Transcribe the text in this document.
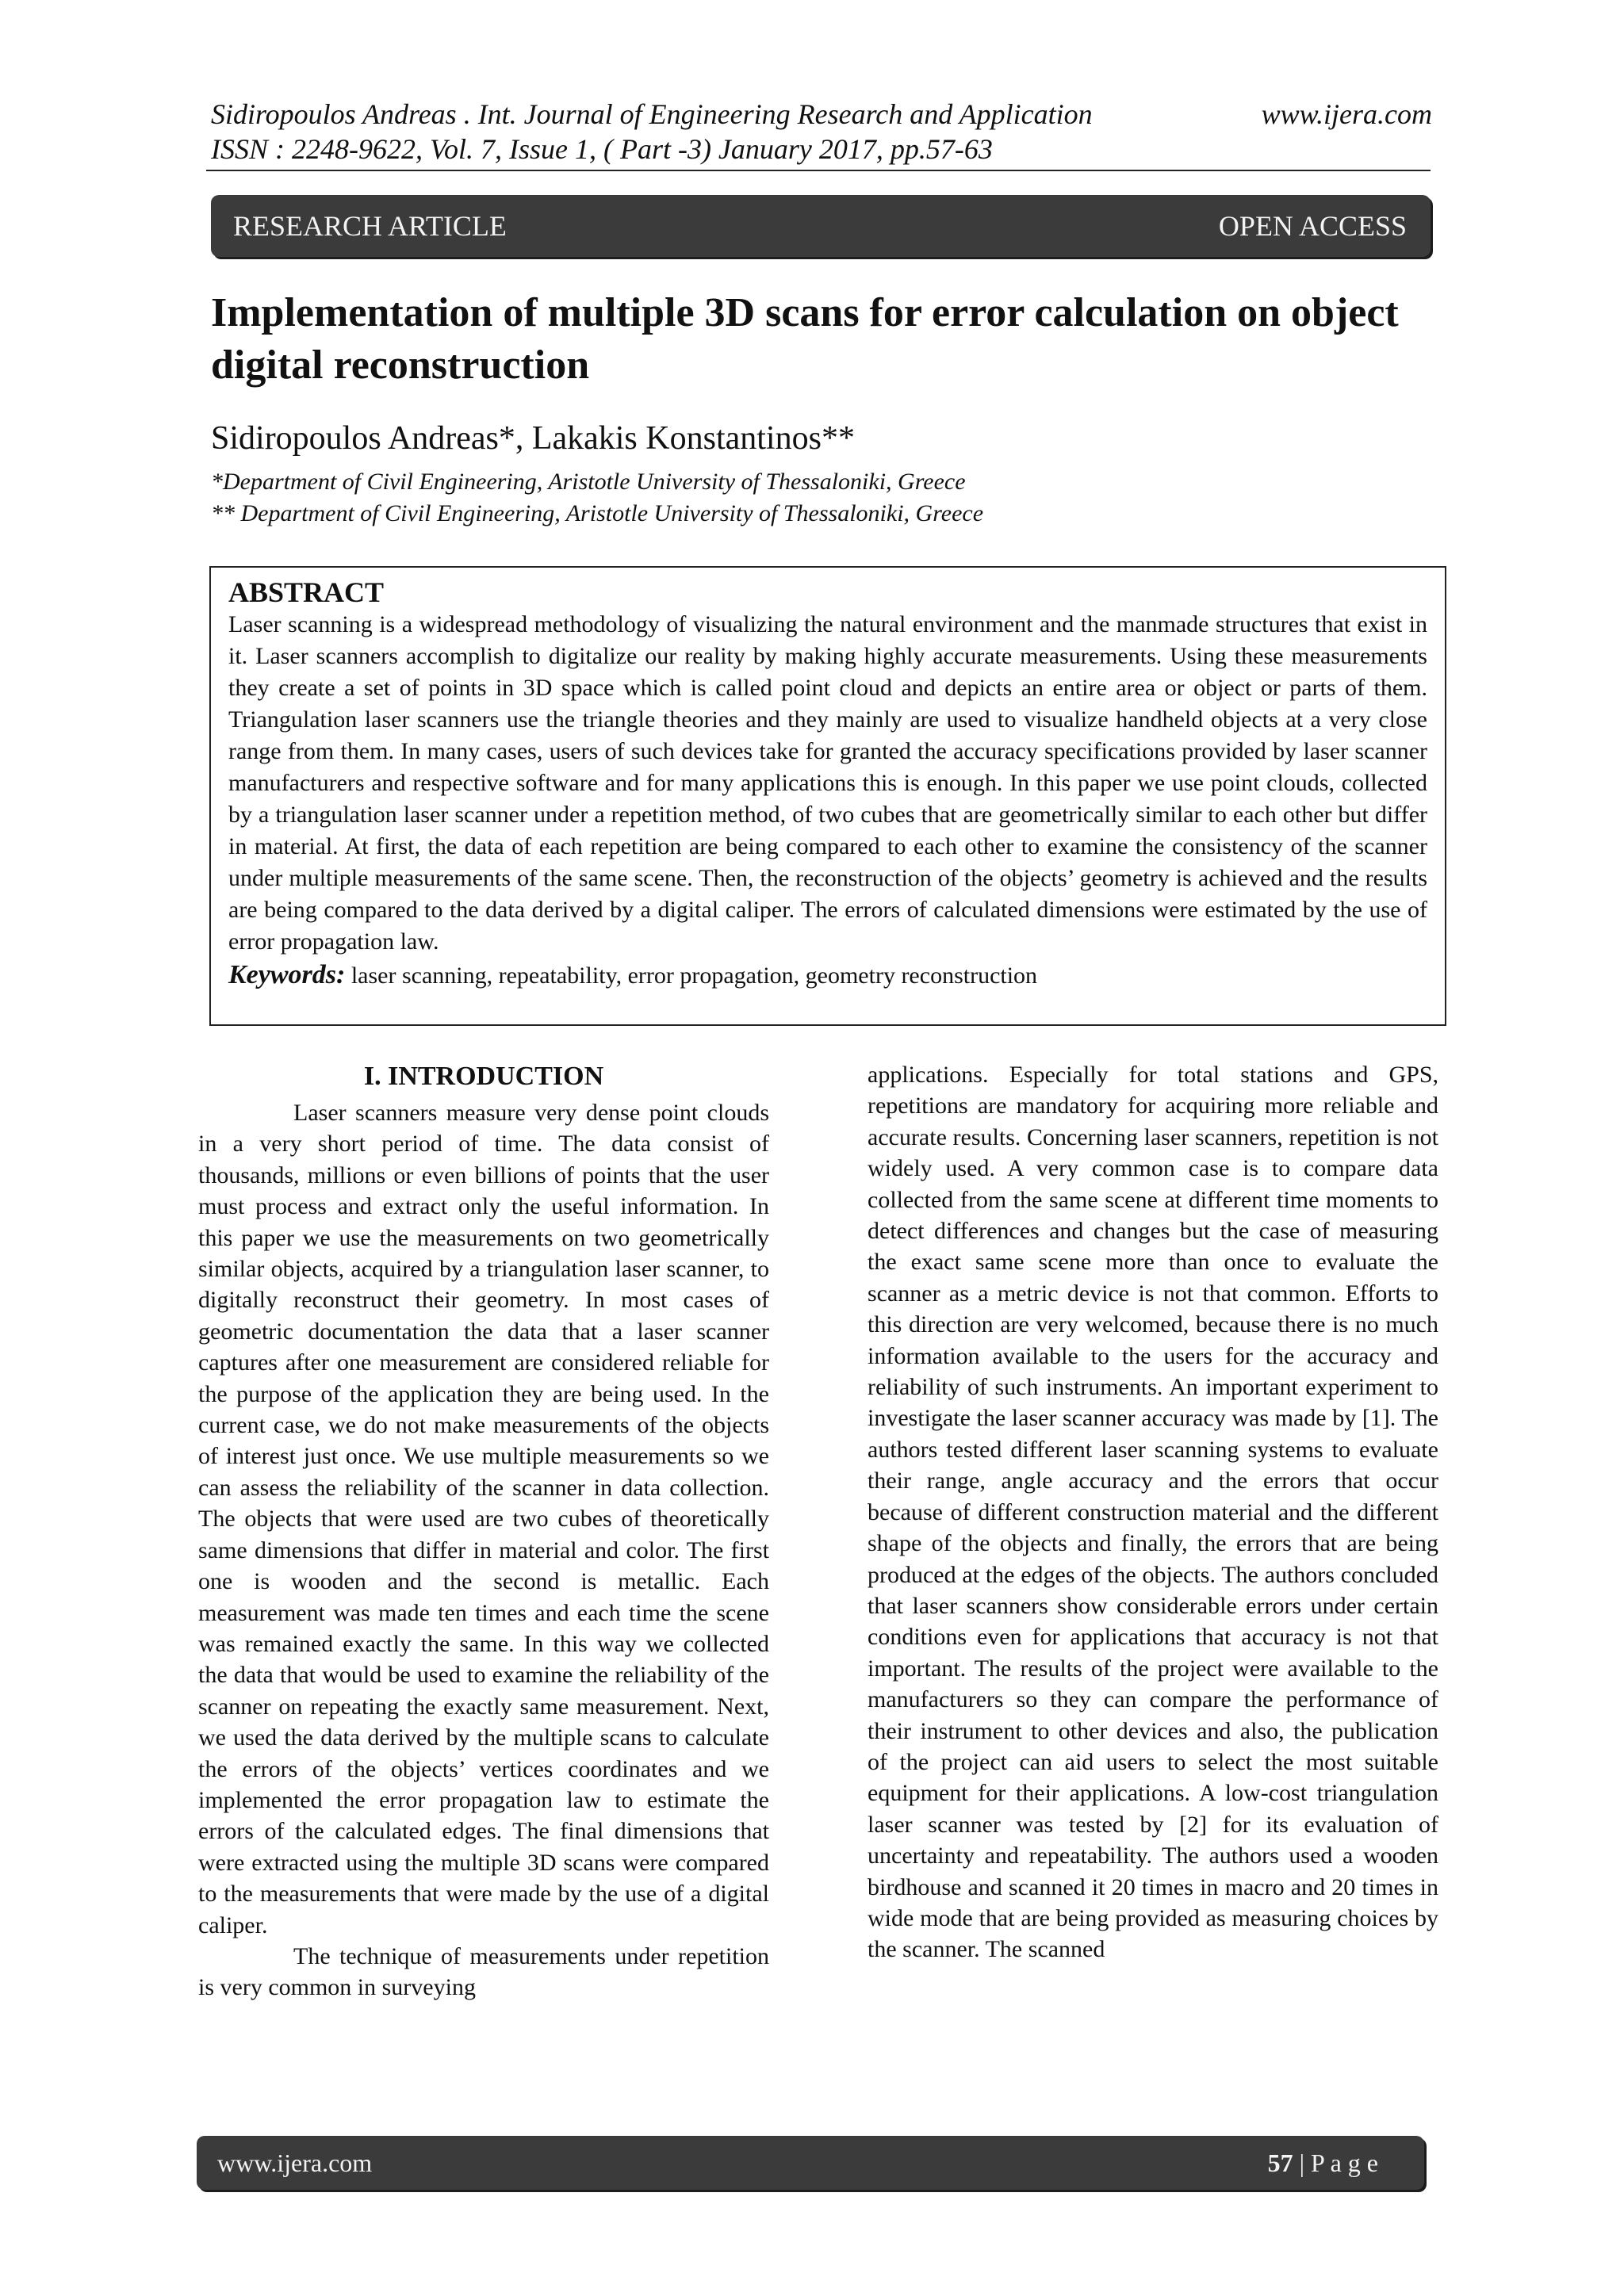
Sidiropoulos Andreas . Int. Journal of Engineering Research and Application	www.ijera.com
ISSN : 2248-9622, Vol. 7, Issue 1, ( Part -3) January 2017, pp.57-63
RESEARCH ARTICLE	OPEN ACCESS
Implementation of multiple 3D scans for error calculation on object digital reconstruction
Sidiropoulos Andreas*, Lakakis Konstantinos**
*Department of Civil Engineering, Aristotle University of Thessaloniki, Greece
** Department of Civil Engineering, Aristotle University of Thessaloniki, Greece
ABSTRACT

Laser scanning is a widespread methodology of visualizing the natural environment and the manmade structures that exist in it. Laser scanners accomplish to digitalize our reality by making highly accurate measurements. Using these measurements they create a set of points in 3D space which is called point cloud and depicts an entire area or object or parts of them. Triangulation laser scanners use the triangle theories and they mainly are used to visualize handheld objects at a very close range from them. In many cases, users of such devices take for granted the accuracy specifications provided by laser scanner manufacturers and respective software and for many applications this is enough. In this paper we use point clouds, collected by a triangulation laser scanner under a repetition method, of two cubes that are geometrically similar to each other but differ in material. At first, the data of each repetition are being compared to each other to examine the consistency of the scanner under multiple measurements of the same scene. Then, the reconstruction of the objects’ geometry is achieved and the results are being compared to the data derived by a digital caliper. The errors of calculated dimensions were estimated by the use of error propagation law.

Keywords: laser scanning, repeatability, error propagation, geometry reconstruction
I. INTRODUCTION

Laser scanners measure very dense point clouds in a very short period of time. The data consist of thousands, millions or even billions of points that the user must process and extract only the useful information. In this paper we use the measurements on two geometrically similar objects, acquired by a triangulation laser scanner, to digitally reconstruct their geometry. In most cases of geometric documentation the data that a laser scanner captures after one measurement are considered reliable for the purpose of the application they are being used. In the current case, we do not make measurements of the objects of interest just once. We use multiple measurements so we can assess the reliability of the scanner in data collection. The objects that were used are two cubes of theoretically same dimensions that differ in material and color. The first one is wooden and the second is metallic. Each measurement was made ten times and each time the scene was remained exactly the same. In this way we collected the data that would be used to examine the reliability of the scanner on repeating the exactly same measurement. Next, we used the data derived by the multiple scans to calculate the errors of the objects’ vertices coordinates and we implemented the error propagation law to estimate the errors of the calculated edges. The final dimensions that were extracted using the multiple 3D scans were compared to the measurements that were made by the use of a digital caliper.

The technique of measurements under repetition is very common in surveying

applications. Especially for total stations and GPS, repetitions are mandatory for acquiring more reliable and accurate results. Concerning laser scanners, repetition is not widely used. A very common case is to compare data collected from the same scene at different time moments to detect differences and changes but the case of measuring the exact same scene more than once to evaluate the scanner as a metric device is not that common. Efforts to this direction are very welcomed, because there is no much information available to the users for the accuracy and reliability of such instruments. An important experiment to investigate the laser scanner accuracy was made by [1]. The authors tested different laser scanning systems to evaluate their range, angle accuracy and the errors that occur because of different construction material and the different shape of the objects and finally, the errors that are being produced at the edges of the objects. The authors concluded that laser scanners show considerable errors under certain conditions even for applications that accuracy is not that important. The results of the project were available to the manufacturers so they can compare the performance of their instrument to other devices and also, the publication of the project can aid users to select the most suitable equipment for their applications. A low-cost triangulation laser scanner was tested by [2] for its evaluation of uncertainty and repeatability. The authors used a wooden birdhouse and scanned it 20 times in macro and 20 times in wide mode that are being provided as measuring choices by the scanner. The scanned

www.ijera.com	57 | P a g e
